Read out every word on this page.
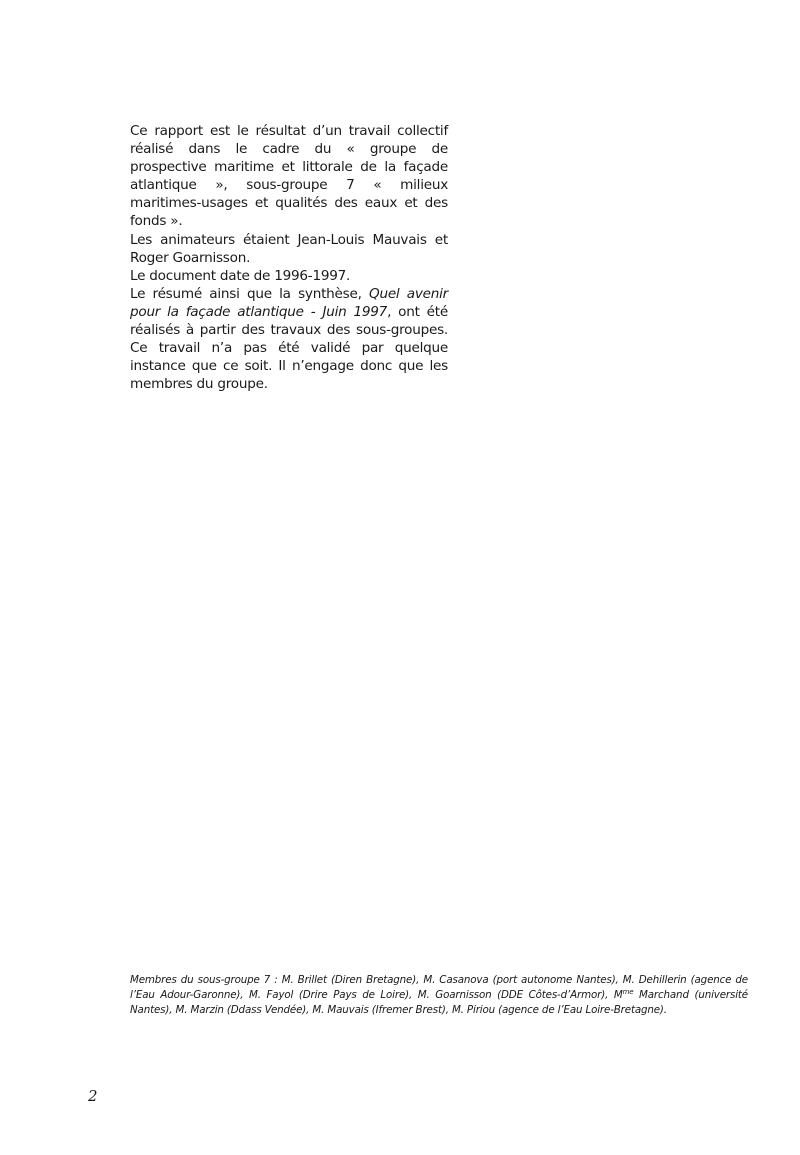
Ce rapport est le résultat d’un travail collectif réalisé dans le cadre du « groupe de prospective maritime et littorale de la façade atlantique », sous-groupe 7 « milieux maritimes-usages et qualités des eaux et des fonds ».

Les animateurs étaient Jean-Louis Mauvais et Roger Goarnisson.

Le document date de 1996-1997.

Le résumé ainsi que la synthèse, Quel avenir pour la façade atlantique - Juin 1997, ont été réalisés à partir des travaux des sous-groupes. Ce travail n’a pas été validé par quelque instance que ce soit. Il n’engage donc que les membres du groupe.

Membres du sous-groupe 7 : M. Brillet (Diren Bretagne), M. Casanova (port autonome Nantes), M. Dehillerin (agence de l’Eau Adour-Garonne), M. Fayol (Drire Pays de Loire), M. Goarnisson (DDE Côtes-d’Armor), $M^{me}$ Marchand (université Nantes), M. Marzin (Ddass Vendée), M. Mauvais (Ifremer Brest), M. Piriou (agence de l’Eau Loire-Bretagne).
2
